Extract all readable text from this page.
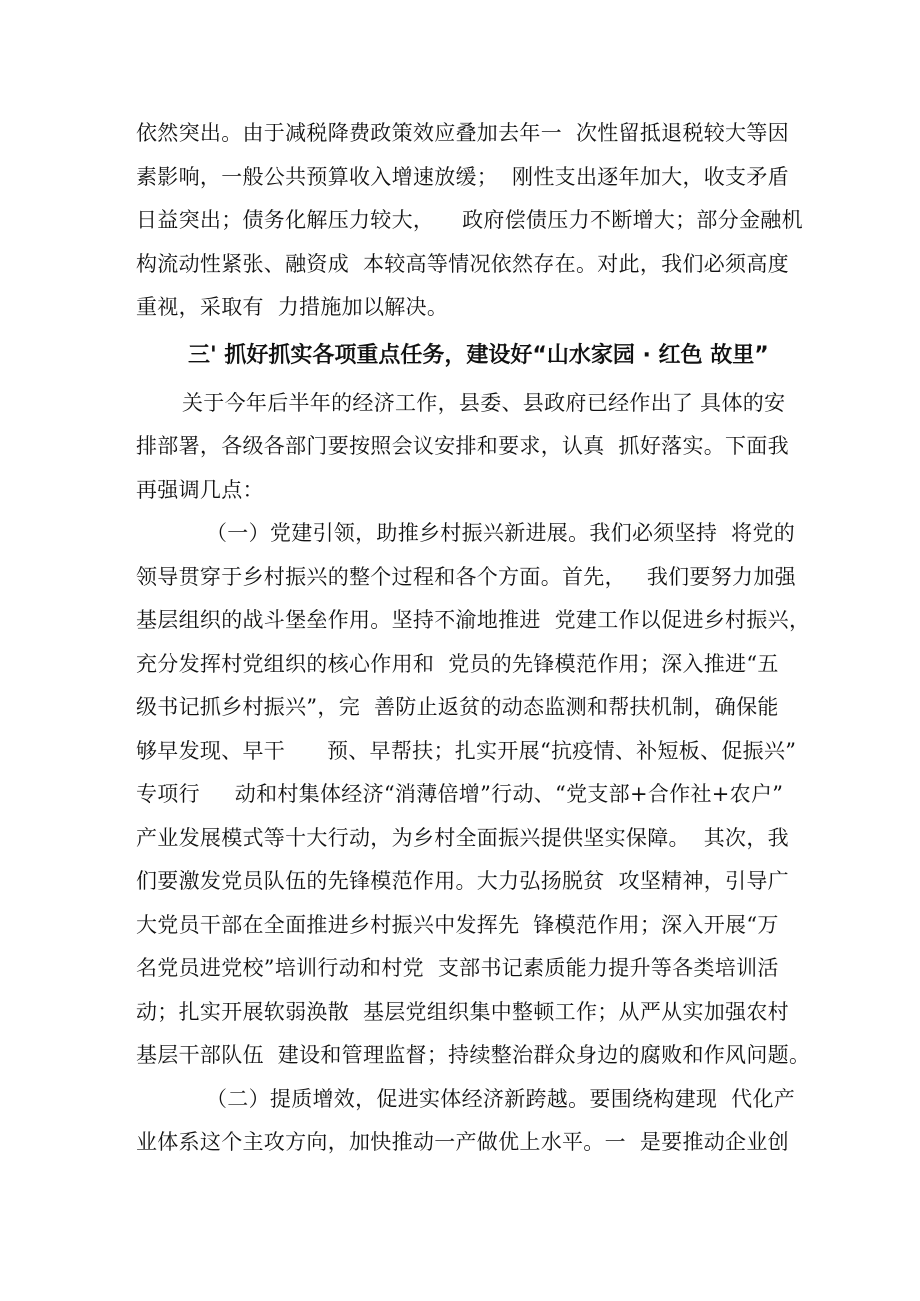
依然突出。由于减税降费政策效应叠加去年一  次性留抵退税较大等因
素影响，一般公共预算收入增速放缓；  刚性支出逐年加大，收支矛盾
日益突出；债务化解压力较大，    政府偿债压力不断增大；部分金融机
构流动性紧张、融资成  本较高等情况依然存在。对此，我们必须高度
重视，采取有  力措施加以解决。
三' 抓好抓实各项重点任务，建设好“山水家园 · 红色 故里”
关于今年后半年的经济工作，县委、县政府已经作出了 具体的安
排部署，各级各部门要按照会议安排和要求，认真  抓好落实。下面我
再强调几点：
（一）党建引领，助推乡村振兴新进展。我们必须坚持  将党的
领导贯穿于乡村振兴的整个过程和各个方面。首先，   我们要努力加强
基层组织的战斗堡垒作用。坚持不渝地推进  党建工作以促进乡村振兴，
充分发挥村党组织的核心作用和  党员的先锋模范作用；深入推进“五
级书记抓乡村振兴”，完  善防止返贫的动态监测和帮扶机制，确保能
够早发现、早干      预、早帮扶；扎实开展“抗疫情、补短板、促振兴”
专项行     动和村集体经济“消薄倍增”行动、“党支部+合作社+农户”
产业发展模式等十大行动，为乡村全面振兴提供坚实保障。  其次，我
们要激发党员队伍的先锋模范作用。大力弘扬脱贫  攻坚精神，引导广
大党员干部在全面推进乡村振兴中发挥先  锋模范作用；深入开展“万
名党员进党校”培训行动和村党  支部书记素质能力提升等各类培训活
动；扎实开展软弱涣散  基层党组织集中整顿工作；从严从实加强农村
基层干部队伍  建设和管理监督；持续整治群众身边的腐败和作风问题。
（二）提质增效，促进实体经济新跨越。要围绕构建现  代化产
业体系这个主攻方向，加快推动一产做优上水平。一  是要推动企业创
